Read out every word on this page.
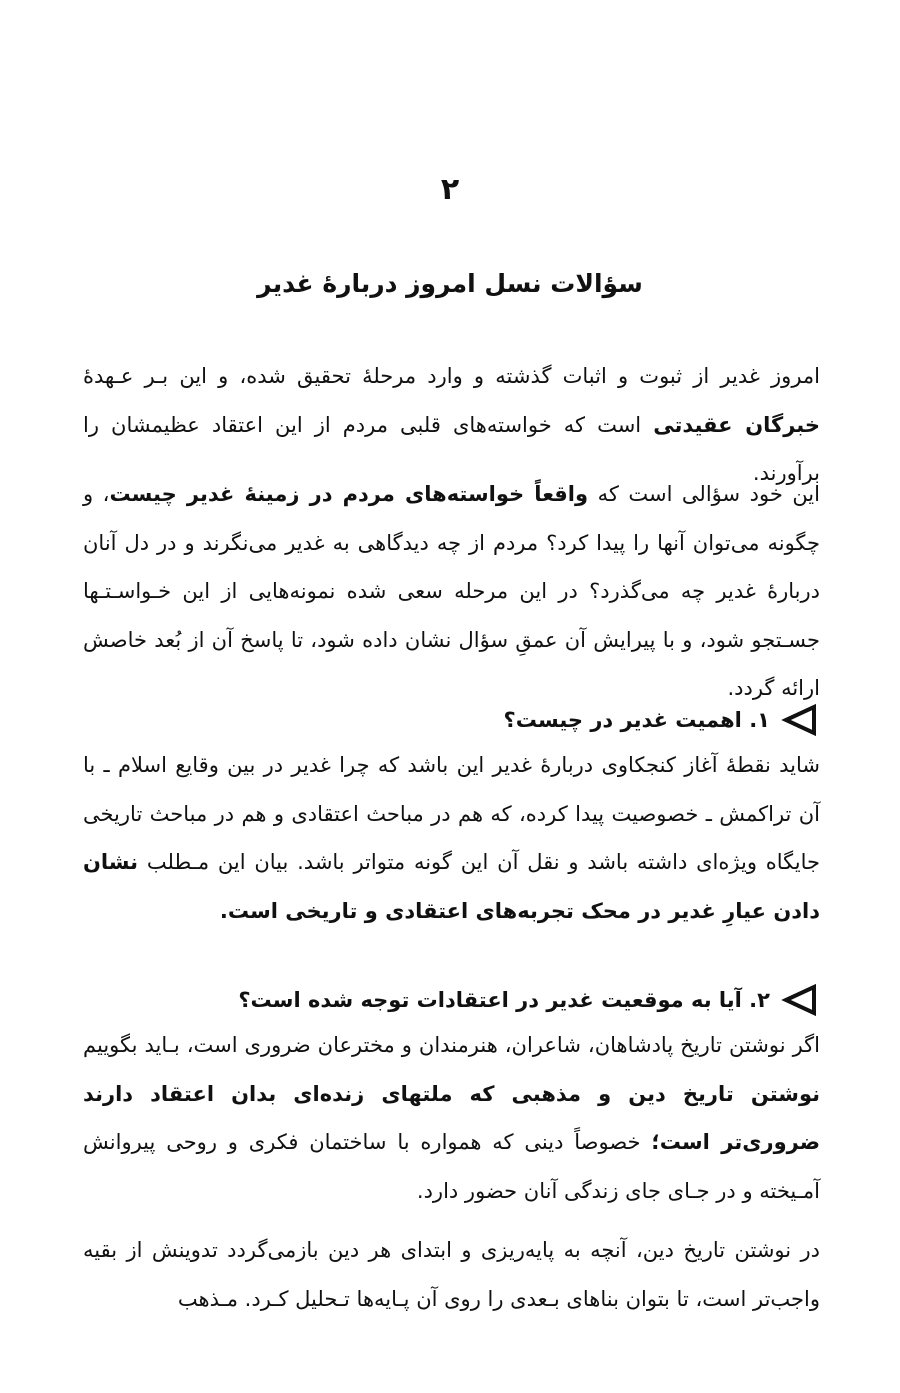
۲
سؤالات نسل امروز دربارۀ غدیر

امروز غدیر از ثبوت و اثبات گذشته و وارد مرحلۀ تحقیق شده، و این بـر عـهدۀ خبرگان عقیدتی است که خواسته‌های قلبی مردم از این اعتقاد عظیمشان را برآورند.

این خود سؤالی است که واقعاً خواسته‌های مردم در زمینۀ غدیر چیست، و چگونه می‌توان آنها را پیدا کرد؟ مردم از چه دیدگاهی به غدیر می‌نگرند و در دل آنان دربارۀ غدیر چه می‌گذرد؟ در این مرحله سعی شده نمونه‌هایی از این خـواسـتـها جسـتجو شود، و با پیرایش آن عمقِ سؤال نشان داده شود، تا پاسخ آن از بُعد خاصش ارائه گردد.

۱. اهمیت غدیر در چیست؟

شاید نقطۀ آغاز کنجکاوی دربارۀ غدیر این باشد که چرا غدیر در بین وقایع اسلام ـ با آن تراکمش ـ خصوصیت پیدا کرده، که هم در مباحث اعتقادی و هم در مباحث تاریخی جایگاه ویژه‌ای داشته باشد و نقل آن این گونه متواتر باشد. بیان این مـطلب نشان دادن عیارِ غدیر در محک تجربه‌های اعتقادی و تاریخی است.

۲. آیا به موقعیت غدیر در اعتقادات توجه شده است؟

اگر نوشتن تاریخ پادشاهان، شاعران، هنرمندان و مخترعان ضروری است، بـاید بگوییم نوشتن تاریخ دین و مذهبی که ملتهای زنده‌ای بدان اعتقاد دارند ضروری‌تر است؛ خصوصاً دینی که همواره با ساختمان فکری و روحی پیروانش آمـیخته و در جـای جای زندگی آنان حضور دارد.

در نوشتن تاریخ دین، آنچه به پایه‌ریزی و ابتدای هر دین بازمی‌گردد تدوینش از بقیه واجب‌تر است، تا بتوان بناهای بـعدی را روی آن پـایه‌ها تـحلیل کـرد. مـذهب
